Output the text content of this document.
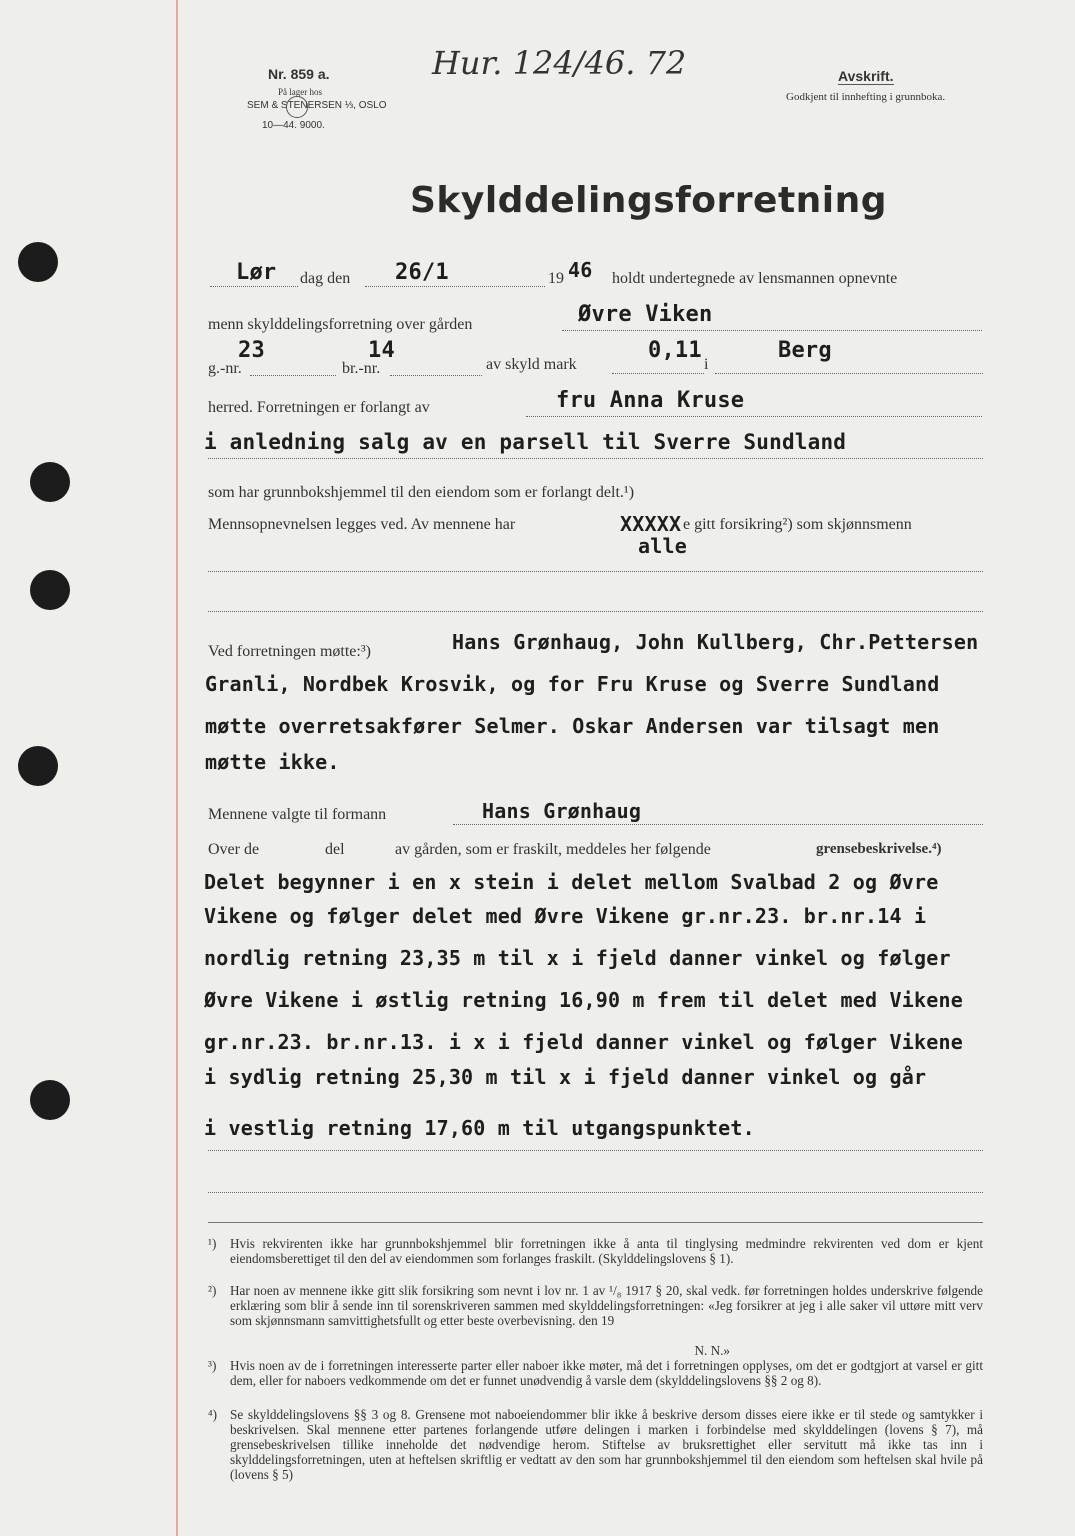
Nr. 859 a.
På lager hos
SEM & STENERSEN ⅓, OSLO
10—44. 9000.
Hur. 124/46. 72	Avskrift.
Godkjent til innhefting i grunnboka.
Skylddelingsforretning
Lør dag den 26/1	19 46 holdt undertegnede av lensmannen opnevnte
menn skylddelingsforretning over gården	Øvre Viken
g.-nr.
23
br.-nr.
14
av skyld mark
0,11
i
Berg
herred. Forretningen er forlangt av	fru Anna Kruse
i anledning salg av en parsell til Sverre Sundland
som har grunnbokshjemmel til den eiendom som er forlangt delt.¹)
Mennsopnevnelsen legges ved. Av mennene har	XXXXX e gitt forsikring²) som skjønnsmenn
alle
Ved forretningen møtte:³)	Hans Grønhaug, John Kullberg, Chr.Pettersen
Granli, Nordbek Krosvik, og for Fru Kruse og Sverre Sundland
møtte overretsakfører Selmer. Oskar Andersen var tilsagt men
møtte ikke.
Mennene valgte til formann	Hans Grønhaug
Over de	del	av gården, som er fraskilt, meddeles her følgende	grensebeskrivelse.⁴)
Delet begynner i en x stein i delet mellom Svalbad 2 og Øvre
Vikene og følger delet med Øvre Vikene gr.nr.23. br.nr.14 i
nordlig retning 23,35 m til x i fjeld danner vinkel og følger
Øvre Vikene i østlig retning 16,90 m frem til delet med Vikene
gr.nr.23. br.nr.13. i x i fjeld danner vinkel og følger Vikene
i sydlig retning 25,30 m til x i fjeld danner vinkel og går
i vestlig retning 17,60 m til utgangspunktet.
¹) Hvis rekvirenten ikke har grunnbokshjemmel blir forretningen ikke å anta til tinglysing medmindre rekvirenten ved dom er kjent eiendomsberettiget til den del av eiendommen som forlanges fraskilt. (Skylddelingslovens § 1).
²) Har noen av mennene ikke gitt slik forsikring som nevnt i lov nr. 1 av ¹/₈ 1917 § 20, skal vedk. før forretningen holdes underskrive følgende erklæring som blir å sende inn til sorenskriveren sammen med skylddelingsforretningen: «Jeg forsikrer at jeg i alle saker vil uttøre mitt verv som skjønnsmann samvittighetsfullt og etter beste overbevisning. den 19
N. N.»
³) Hvis noen av de i forretningen interesserte parter eller naboer ikke møter, må det i forretningen opplyses, om det er godtgjort at varsel er gitt dem, eller for naboers vedkommende om det er funnet unødvendig å varsle dem (skylddelingslovens §§ 2 og 8).
⁴) Se skylddelingslovens §§ 3 og 8. Grensene mot naboeiendommer blir ikke å beskrive dersom disses eiere ikke er til stede og samtykker i beskrivelsen. Skal mennene etter partenes forlangende utføre delingen i marken i forbindelse med skylddelingen (lovens § 7), må grensebeskrivelsen tillike inneholde det nødvendige herom. Stiftelse av bruksrettighet eller servitutt må ikke tas inn i skylddelingsforretningen, uten at heftelsen skriftlig er vedtatt av den som har grunnbokshjemmel til den eiendom som heftelsen skal hvile på (lovens § 5)
